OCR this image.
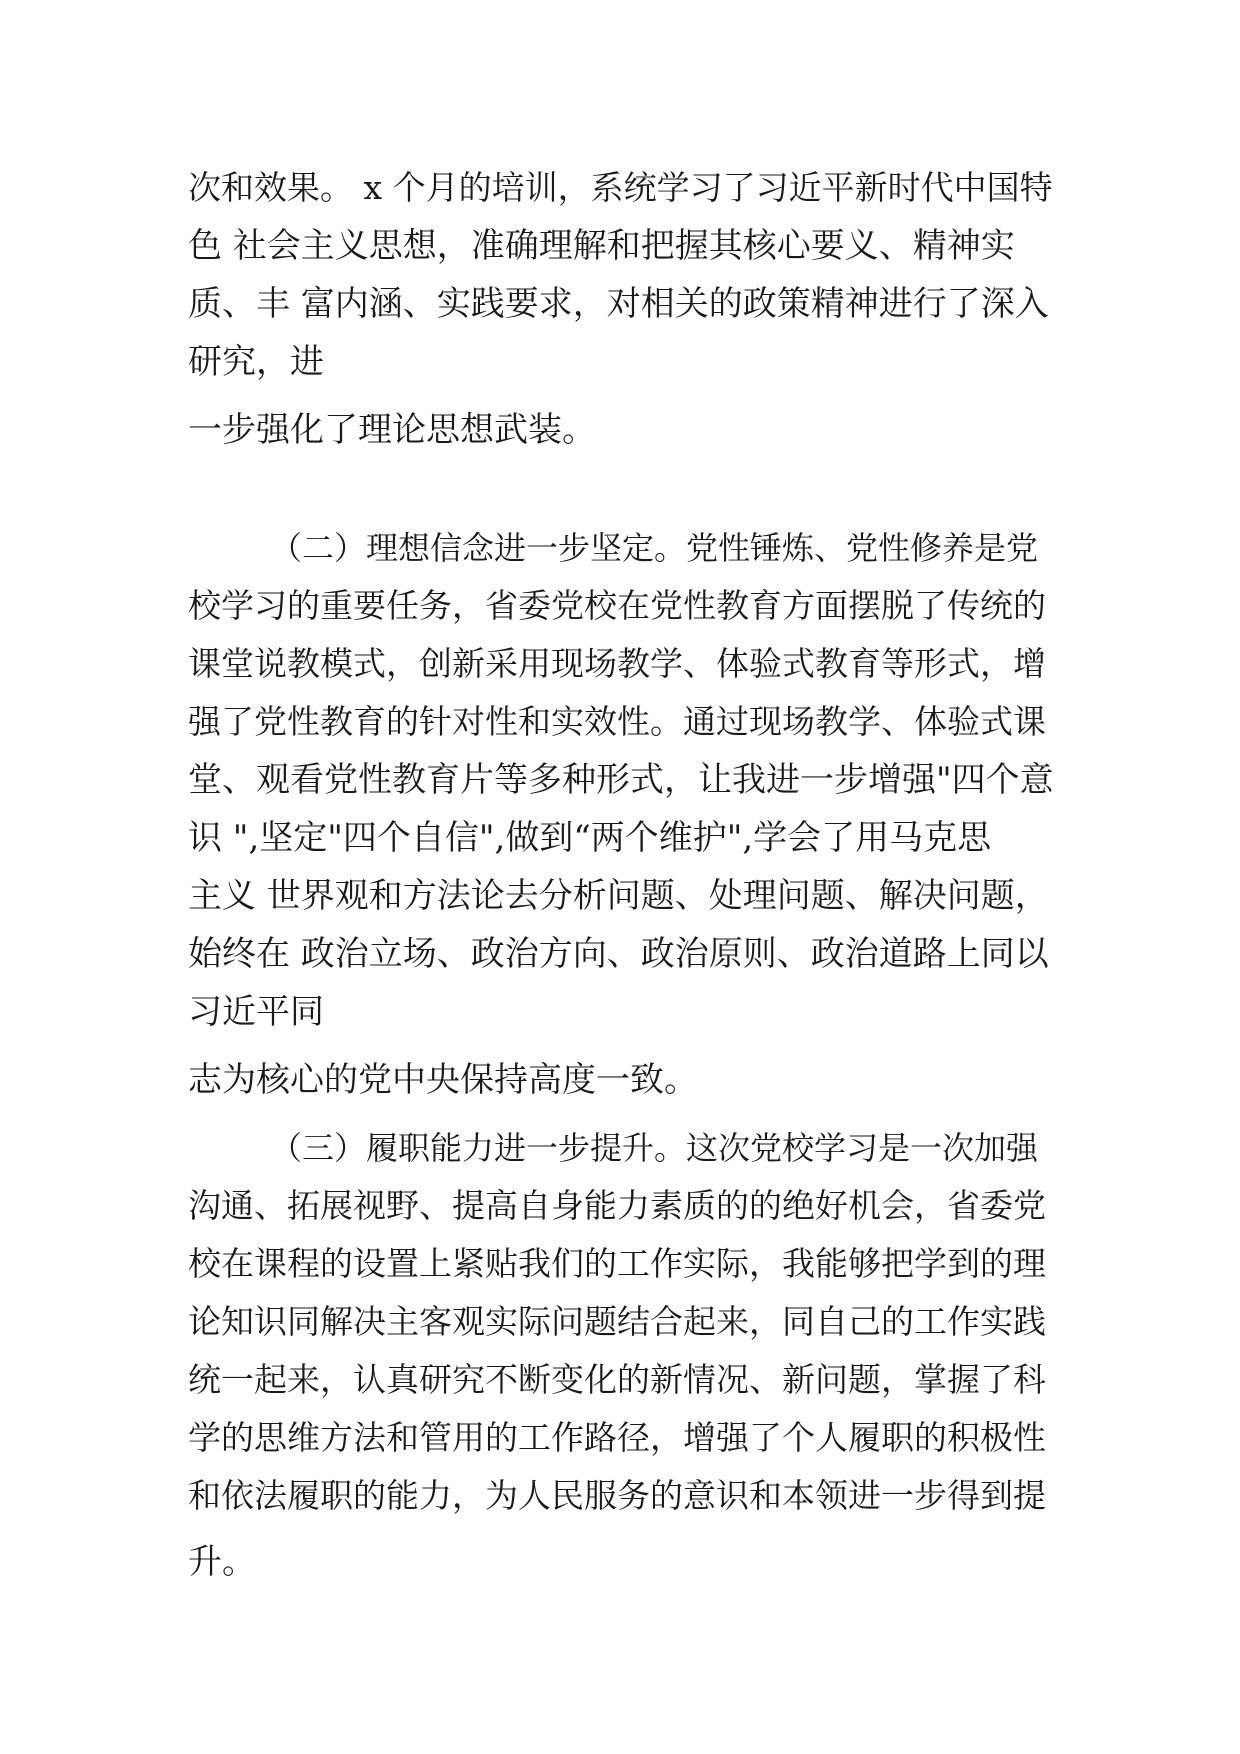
次和效果。 x 个月的培训，系统学习了习近平新时代中国特
色 社会主义思想，准确理解和把握其核心要义、精神实
质、丰 富内涵、实践要求，对相关的政策精神进行了深入
研究，进
一步强化了理论思想武装。
（二）理想信念进一步坚定。党性锤炼、党性修养是党
校学习的重要任务，省委党校在党性教育方面摆脱了传统的
课堂说教模式，创新采用现场教学、体验式教育等形式，增
强了党性教育的针对性和实效性。通过现场教学、体验式课
堂、观看党性教育片等多种形式，让我进一步增强"四个意
识 ",坚定"四个自信",做到“两个维护",学会了用马克思
主义 世界观和方法论去分析问题、处理问题、解决问题，
始终在 政治立场、政治方向、政治原则、政治道路上同以
习近平同
志为核心的党中央保持高度一致。
（三）履职能力进一步提升。这次党校学习是一次加强
沟通、拓展视野、提高自身能力素质的的绝好机会，省委党
校在课程的设置上紧贴我们的工作实际，我能够把学到的理
论知识同解决主客观实际问题结合起来，同自己的工作实践
统一起来，认真研究不断变化的新情况、新问题，掌握了科
学的思维方法和管用的工作路径，增强了个人履职的积极性
和依法履职的能力，为人民服务的意识和本领进一步得到提
升。
